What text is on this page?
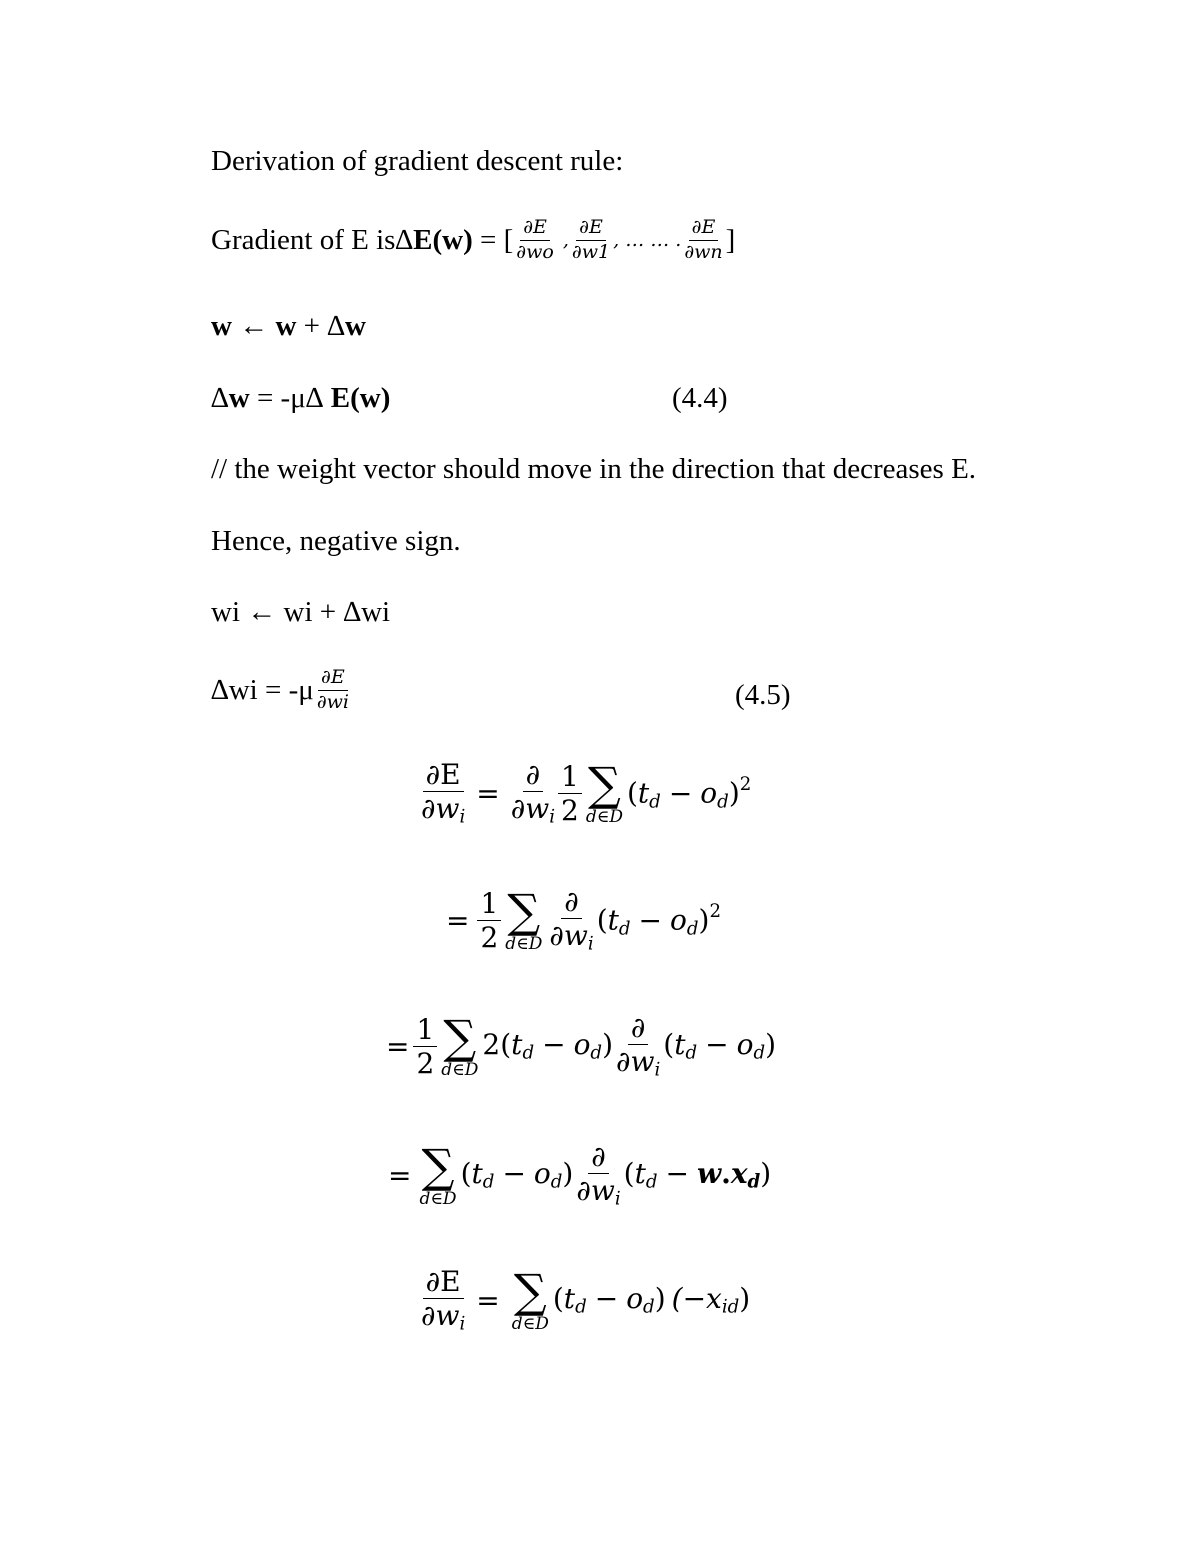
Derivation of gradient descent rule:
Gradient of E is ∆ E(w) = [ $\frac{\partial E}{\partial wo}$ , $\frac{\partial E}{\partial w1}$ , … … . $\frac{\partial E}{\partial wn}$ ]
w ← w + ∆w
∆w = -μ∆ E(w)	(4.4)
// the weight vector should move in the direction that decreases E.
Hence, negative sign.
wi ← wi + ∆wi
$\Delta wi = -\mu \frac{\partial E}{\partial wi}$	(4.5)
$\frac{\partial E}{\partial w_i} = \frac{\partial}{\partial w_i} \frac{1}{2}$ ∑
d∈D
$(t_d - o_d)^2$
= $\frac{1}{2}$ ∑
d∈D $\frac{\partial}{\partial w_i} (t_d - o_d)^2$
= $\frac{1}{2}$ ∑
d∈D
$2(t_d - o_d) \frac{\partial}{\partial w_i} (t_d - o_d)$
= ∑
d∈D
$(t_d - o_d) \frac{\partial}{\partial w_i} (t_d - w.x_d)$
$\frac{\partial E}{\partial w_i}$ = ∑
d∈D
$(t_d - o_d)$ $(-x_{id})$
